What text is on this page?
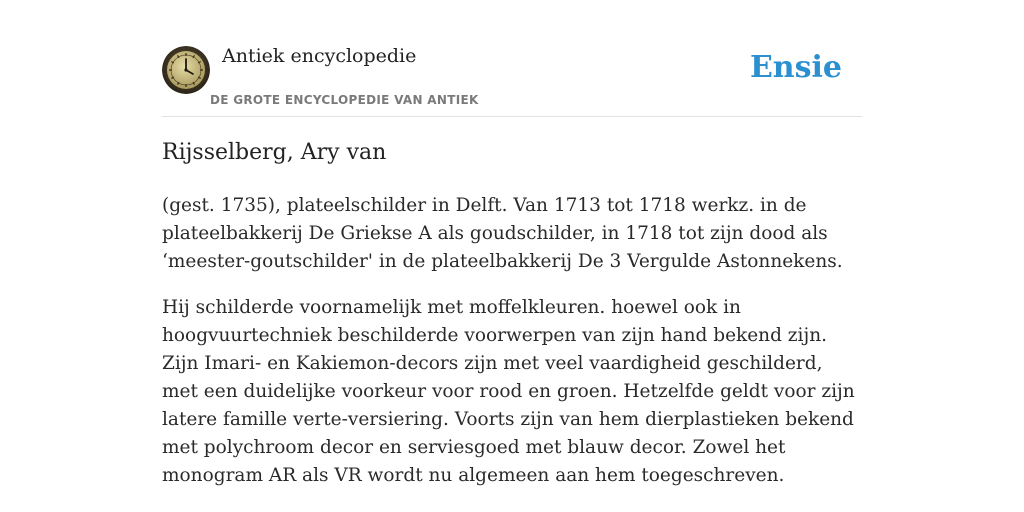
Antiek encyclopedie
DE GROTE ENCYCLOPEDIE VAN ANTIEK
Ensie
Rijsselberg, Ary van

(gest. 1735), plateelschilder in Delft. Van 1713 tot 1718 werkz. in de plateelbakkerij De Griekse A als goudschilder, in 1718 tot zijn dood als ‘meester-goutschilder' in de plateelbakkerij De 3 Vergulde Astonnekens.

Hij schilderde voornamelijk met moffelkleuren. hoewel ook in hoogvuurtechniek beschilderde voorwerpen van zijn hand bekend zijn. Zijn Imari- en Kakiemon-decors zijn met veel vaardigheid geschilderd, met een duidelijke voorkeur voor rood en groen. Hetzelfde geldt voor zijn latere famille verte-versiering. Voorts zijn van hem dierplastieken bekend met polychroom decor en serviesgoed met blauw decor. Zowel het monogram AR als VR wordt nu algemeen aan hem toegeschreven.
